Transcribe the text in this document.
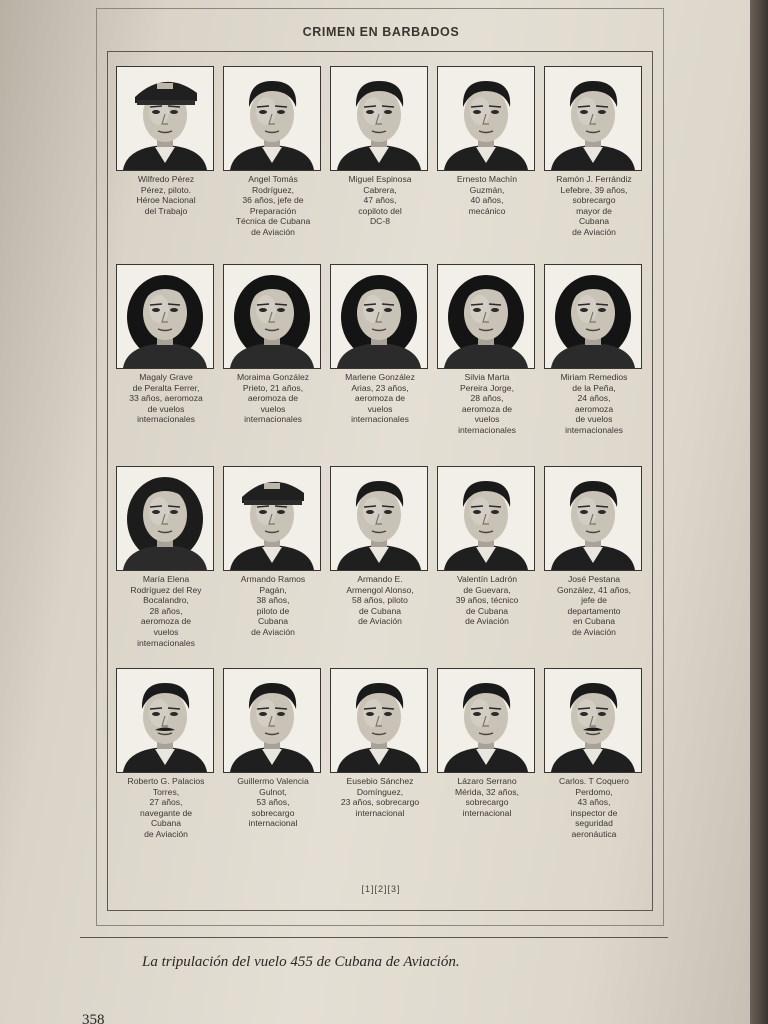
CRIMEN EN BARBADOS
[1][2][3]
Wilfredo Pérez
Pérez, piloto.
Héroe Nacional
del Trabajo
Angel Tomás
Rodríguez,
36 años, jefe de
Preparación
Técnica de Cubana
de Aviación
Miguel Espinosa
Cabrera,
47 años,
copiloto del
DC-8
Ernesto Machín
Guzmán,
40 años,
mecánico
Ramón J. Ferrándiz
Lefebre, 39 años,
sobrecargo
mayor de
Cubana
de Aviación
Magaly Grave
de Peralta Ferrer,
33 años, aeromoza
de vuelos
internacionales
Moraima González
Prieto, 21 años,
aeromoza de
vuelos
internacionales
Marlene González
Arias, 23 años,
aeromoza de
vuelos
internacionales
Silvia Marta
Pereira Jorge,
28 años,
aeromoza de
vuelos
internacionales
Miriam Remedios
de la Peña,
24 años,
aeromoza
de vuelos
internacionales
María Elena
Rodríguez del Rey
Bocalandro,
28 años,
aeromoza de
vuelos
internacionales
Armando Ramos
Pagán,
38 años,
piloto de
Cubana
de Aviación
Armando E.
Armengol Alonso,
58 años, piloto
de Cubana
de Aviación
Valentín Ladrón
de Guevara,
39 años, técnico
de Cubana
de Aviación
José Pestana
González, 41 años,
jefe de
departamento
en Cubana
de Aviación
Roberto G. Palacios
Torres,
27 años,
navegante de
Cubana
de Aviación
Guillermo Valencia
Gulnot,
53 años,
sobrecargo
internacional
Eusebio Sánchez
Domínguez,
23 años, sobrecargo
internacional
Lázaro Serrano
Mérida, 32 años,
sobrecargo
internacional
Carlos. T Coquero
Perdomo,
43 años,
inspector de
seguridad
aeronáutica
La tripulación del vuelo 455 de Cubana de Aviación.
358
